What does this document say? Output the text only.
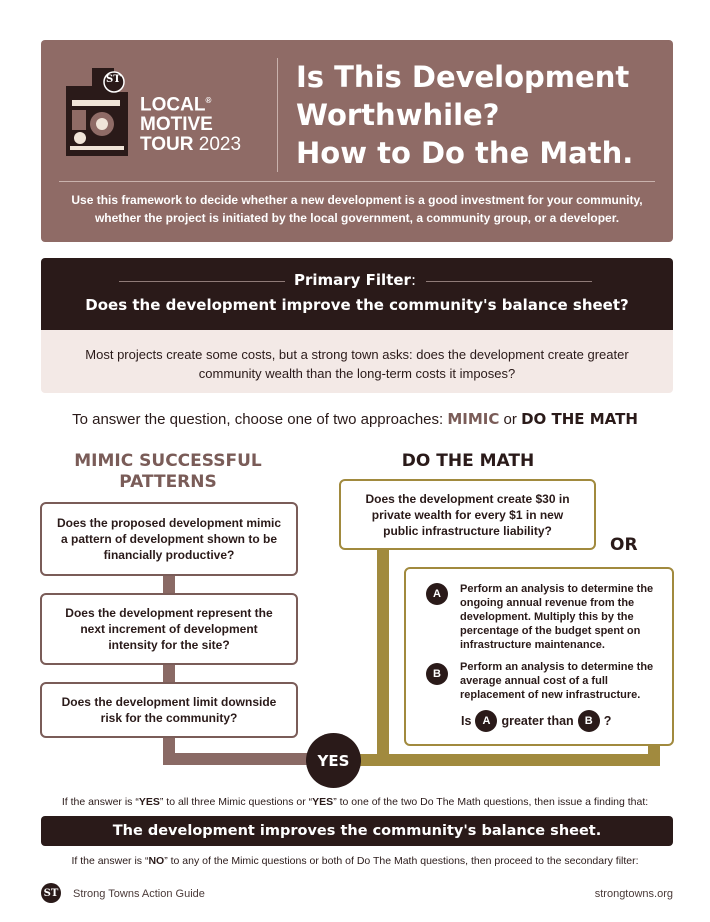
ST
LOCAL®
MOTIVE
TOUR 2023
Is This Development
Worthwhile?
How to Do the Math.
Use this framework to decide whether a new development is a good investment for your community, whether the project is initiated by the local government, a community group, or a developer.
Primary Filter:
Does the development improve the community's balance sheet?
Most projects create some costs, but a strong town asks: does the development create greater community wealth than the long-term costs it imposes?
To answer the question, choose one of two approaches: MIMIC or DO THE MATH
MIMIC SUCCESSFUL PATTERNS
Does the proposed development mimic a pattern of development shown to be financially productive?
Does the development represent the next increment of development intensity for the site?
Does the development limit downside risk for the community?
DO THE MATH
Does the development create $30 in private wealth for every $1 in new public infrastructure liability?
OR
A	Perform an analysis to determine the ongoing annual revenue from the development. Multiply this by the percentage of the budget spent on infrastructure maintenance.
B
Perform an analysis to determine the average annual cost of a full replacement of new infrastructure.
Is	A greater than	B ?
YES
If the answer is “YES” to all three Mimic questions or “YES” to one of the two Do The Math questions, then issue a finding that:
The development improves the community's balance sheet.
If the answer is “NO” to any of the Mimic questions or both of Do The Math questions, then proceed to the secondary filter:
ST Strong Towns Action Guide	strongtowns.org
